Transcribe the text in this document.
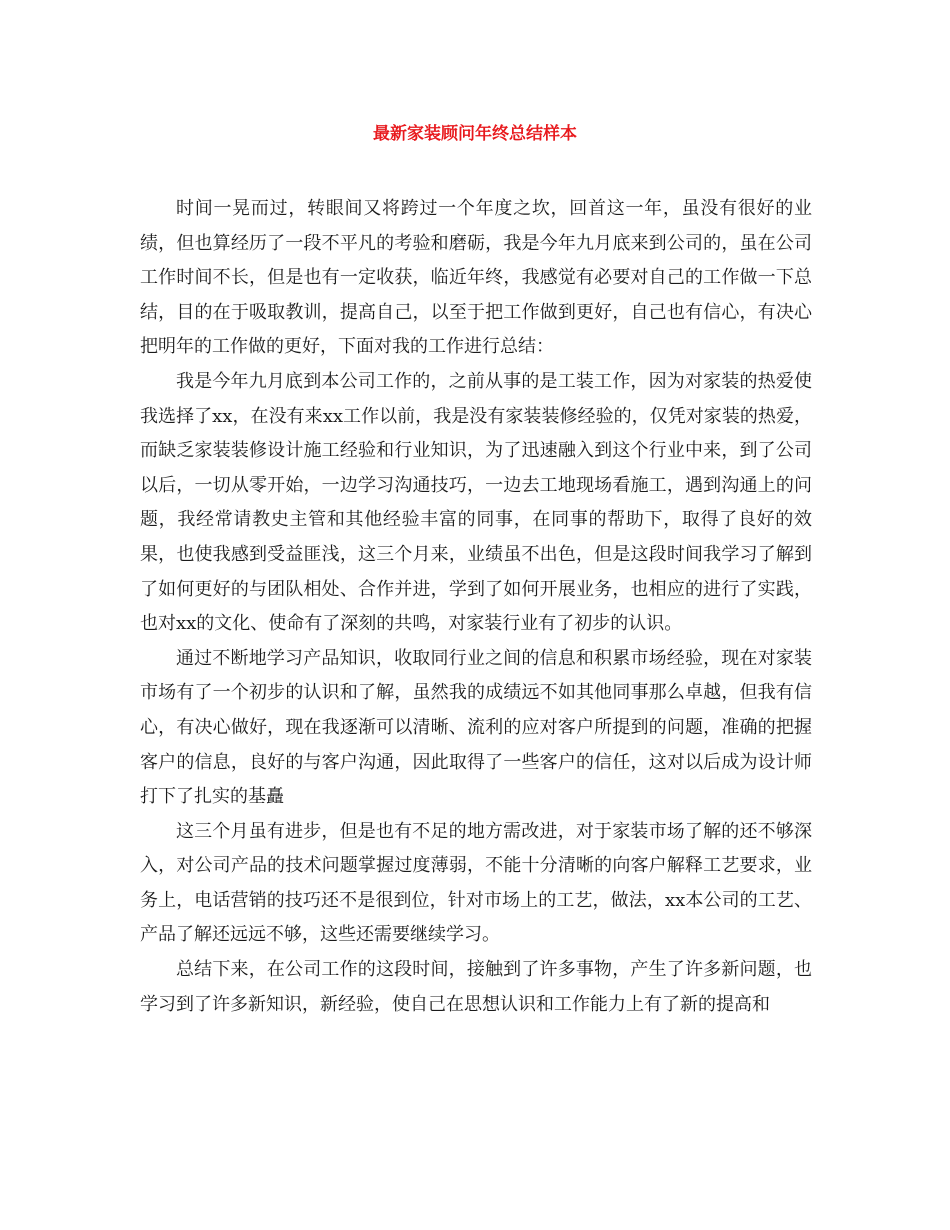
最新家装顾问年终总结样本

时间一晃而过，转眼间又将跨过一个年度之坎，回首这一年，虽没有很好的业绩，但也算经历了一段不平凡的考验和磨砺，我是今年九月底来到公司的，虽在公司工作时间不长，但是也有一定收获，临近年终，我感觉有必要对自己的工作做一下总结，目的在于吸取教训，提高自己，以至于把工作做到更好，自己也有信心，有决心把明年的工作做的更好，下面对我的工作进行总结：

我是今年九月底到本公司工作的，之前从事的是工装工作，因为对家装的热爱使我选择了xx，在没有来xx工作以前，我是没有家装装修经验的，仅凭对家装的热爱，而缺乏家装装修设计施工经验和行业知识，为了迅速融入到这个行业中来，到了公司以后，一切从零开始，一边学习沟通技巧，一边去工地现场看施工，遇到沟通上的问题，我经常请教史主管和其他经验丰富的同事，在同事的帮助下，取得了良好的效果，也使我感到受益匪浅，这三个月来，业绩虽不出色，但是这段时间我学习了解到了如何更好的与团队相处、合作并进，学到了如何开展业务，也相应的进行了实践，也对xx的文化、使命有了深刻的共鸣，对家装行业有了初步的认识。

通过不断地学习产品知识，收取同行业之间的信息和积累市场经验，现在对家装市场有了一个初步的认识和了解，虽然我的成绩远不如其他同事那么卓越，但我有信心，有决心做好，现在我逐渐可以清晰、流利的应对客户所提到的问题，准确的把握客户的信息，良好的与客户沟通，因此取得了一些客户的信任，这对以后成为设计师打下了扎实的基矗

这三个月虽有进步，但是也有不足的地方需改进，对于家装市场了解的还不够深入，对公司产品的技术问题掌握过度薄弱，不能十分清晰的向客户解释工艺要求，业务上，电话营销的技巧还不是很到位，针对市场上的工艺，做法，xx本公司的工艺、产品了解还远远不够，这些还需要继续学习。

总结下来，在公司工作的这段时间，接触到了许多事物，产生了许多新问题，也学习到了许多新知识，新经验，使自己在思想认识和工作能力上有了新的提高和
